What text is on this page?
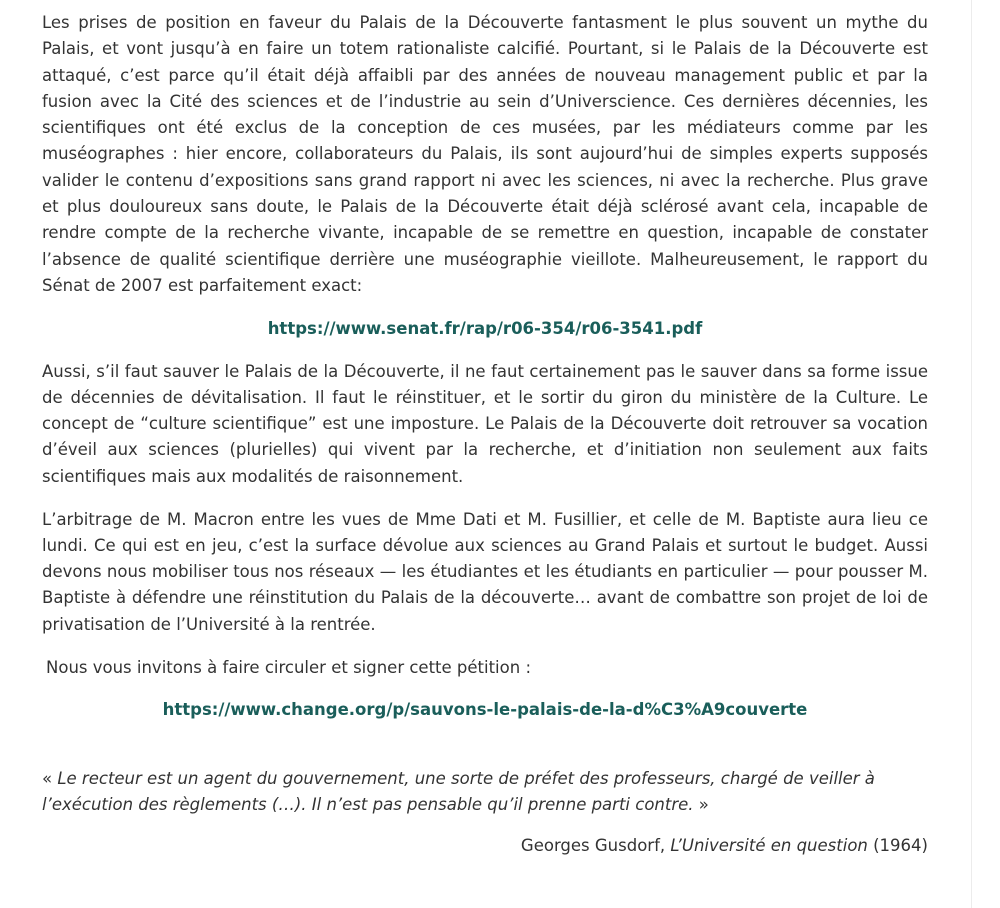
Les prises de position en faveur du Palais de la Découverte fantasment le plus souvent un mythe du Palais, et vont jusqu’à en faire un totem rationaliste calcifié. Pourtant, si le Palais de la Découverte est attaqué, c’est parce qu’il était déjà affaibli par des années de nouveau management public et par la fusion avec la Cité des sciences et de l’industrie au sein d’Universcience. Ces dernières décennies, les scientifiques ont été exclus de la conception de ces musées, par les médiateurs comme par les muséographes : hier encore, collaborateurs du Palais, ils sont aujourd’hui de simples experts supposés valider le contenu d’expositions sans grand rapport ni avec les sciences, ni avec la recherche. Plus grave et plus douloureux sans doute, le Palais de la Découverte était déjà sclérosé avant cela, incapable de rendre compte de la recherche vivante, incapable de se remettre en question, incapable de constater l’absence de qualité scientifique derrière une muséographie vieillote. Malheureusement, le rapport du Sénat de 2007 est parfaitement exact:

https://www.senat.fr/rap/r06-354/r06-3541.pdf

Aussi, s’il faut sauver le Palais de la Découverte, il ne faut certainement pas le sauver dans sa forme issue de décennies de dévitalisation. Il faut le réinstituer, et le sortir du giron du ministère de la Culture. Le concept de “culture scientifique” est une imposture. Le Palais de la Découverte doit retrouver sa vocation d’éveil aux sciences (plurielles) qui vivent par la recherche, et d’initiation non seulement aux faits scientifiques mais aux modalités de raisonnement.

L’arbitrage de M. Macron entre les vues de Mme Dati et M. Fusillier, et celle de M. Baptiste aura lieu ce lundi. Ce qui est en jeu, c’est la surface dévolue aux sciences au Grand Palais et surtout le budget. Aussi devons nous mobiliser tous nos réseaux — les étudiantes et les étudiants en particulier — pour pousser M. Baptiste à défendre une réinstitution du Palais de la découverte… avant de combattre son projet de loi de privatisation de l’Université à la rentrée.

Nous vous invitons à faire circuler et signer cette pétition :

https://www.change.org/p/sauvons-le-palais-de-la-d%C3%A9couverte

« Le recteur est un agent du gouvernement, une sorte de préfet des professeurs, chargé de veiller à l’exécution des règlements (…). Il n’est pas pensable qu’il prenne parti contre. »

Georges Gusdorf, L’Université en question (1964)
